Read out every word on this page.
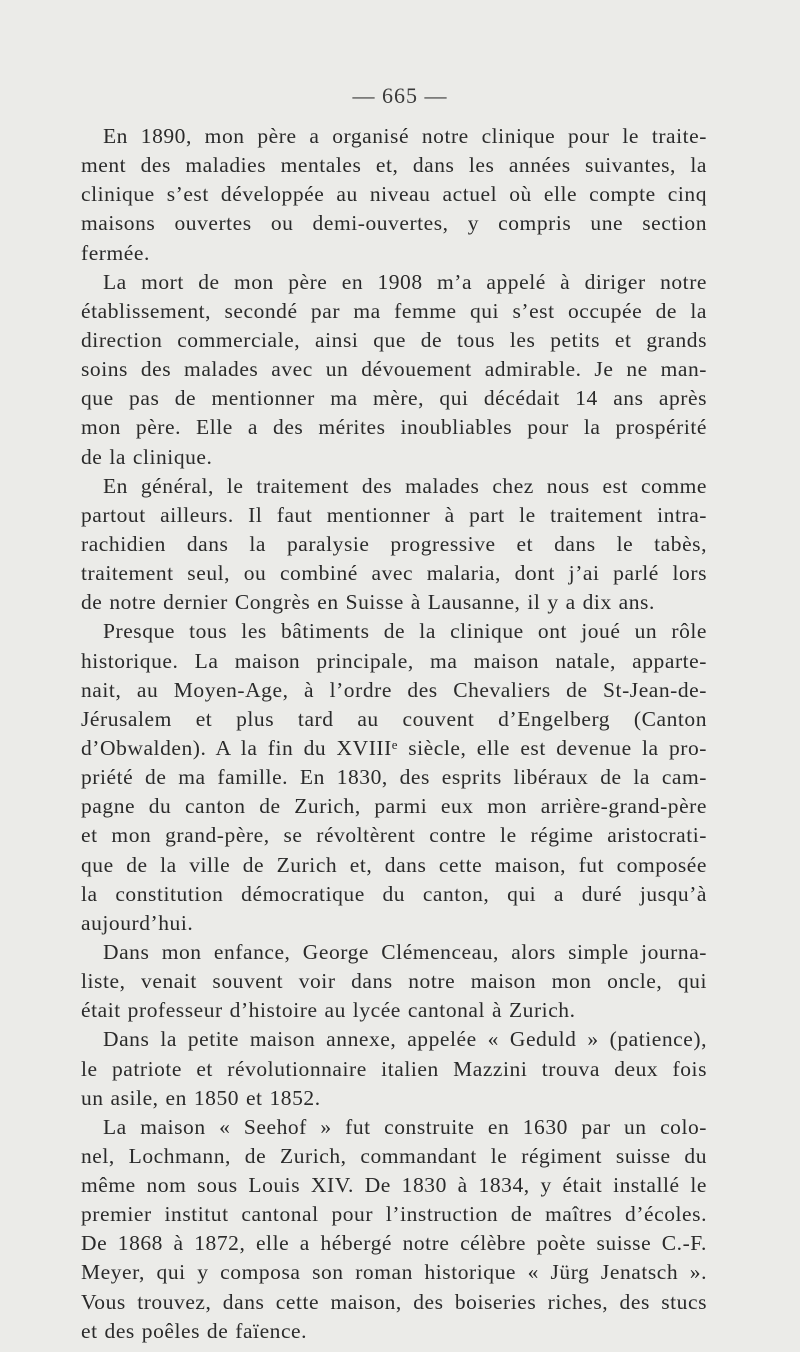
— 665 —
En 1890, mon père a organisé notre clinique pour le traite-
ment des maladies mentales et, dans les années suivantes, la
clinique s’est développée au niveau actuel où elle compte cinq
maisons ouvertes ou demi-ouvertes, y compris une section
fermée.
La mort de mon père en 1908 m’a appelé à diriger notre
établissement, secondé par ma femme qui s’est occupée de la
direction commerciale, ainsi que de tous les petits et grands
soins des malades avec un dévouement admirable. Je ne man-
que pas de mentionner ma mère, qui décédait 14 ans après
mon père. Elle a des mérites inoubliables pour la prospérité
de la clinique.
En général, le traitement des malades chez nous est comme
partout ailleurs. Il faut mentionner à part le traitement intra-
rachidien dans la paralysie progressive et dans le tabès,
traitement seul, ou combiné avec malaria, dont j’ai parlé lors
de notre dernier Congrès en Suisse à Lausanne, il y a dix ans.
Presque tous les bâtiments de la clinique ont joué un rôle
historique. La maison principale, ma maison natale, apparte-
nait, au Moyen-Age, à l’ordre des Chevaliers de St-Jean-de-
Jérusalem et plus tard au couvent d’Engelberg (Canton
d’Obwalden). A la fin du XVIIIᵉ siècle, elle est devenue la pro-
priété de ma famille. En 1830, des esprits libéraux de la cam-
pagne du canton de Zurich, parmi eux mon arrière-grand-père
et mon grand-père, se révoltèrent contre le régime aristocrati-
que de la ville de Zurich et, dans cette maison, fut composée
la constitution démocratique du canton, qui a duré jusqu’à
aujourd’hui.
Dans mon enfance, George Clémenceau, alors simple journa-
liste, venait souvent voir dans notre maison mon oncle, qui
était professeur d’histoire au lycée cantonal à Zurich.
Dans la petite maison annexe, appelée « Geduld » (patience),
le patriote et révolutionnaire italien Mazzini trouva deux fois
un asile, en 1850 et 1852.
La maison « Seehof » fut construite en 1630 par un colo-
nel, Lochmann, de Zurich, commandant le régiment suisse du
même nom sous Louis XIV. De 1830 à 1834, y était installé le
premier institut cantonal pour l’instruction de maîtres d’écoles.
De 1868 à 1872, elle a hébergé notre célèbre poète suisse C.-F.
Meyer, qui y composa son roman historique « Jürg Jenatsch ».
Vous trouvez, dans cette maison, des boiseries riches, des stucs
et des poêles de faïence.
